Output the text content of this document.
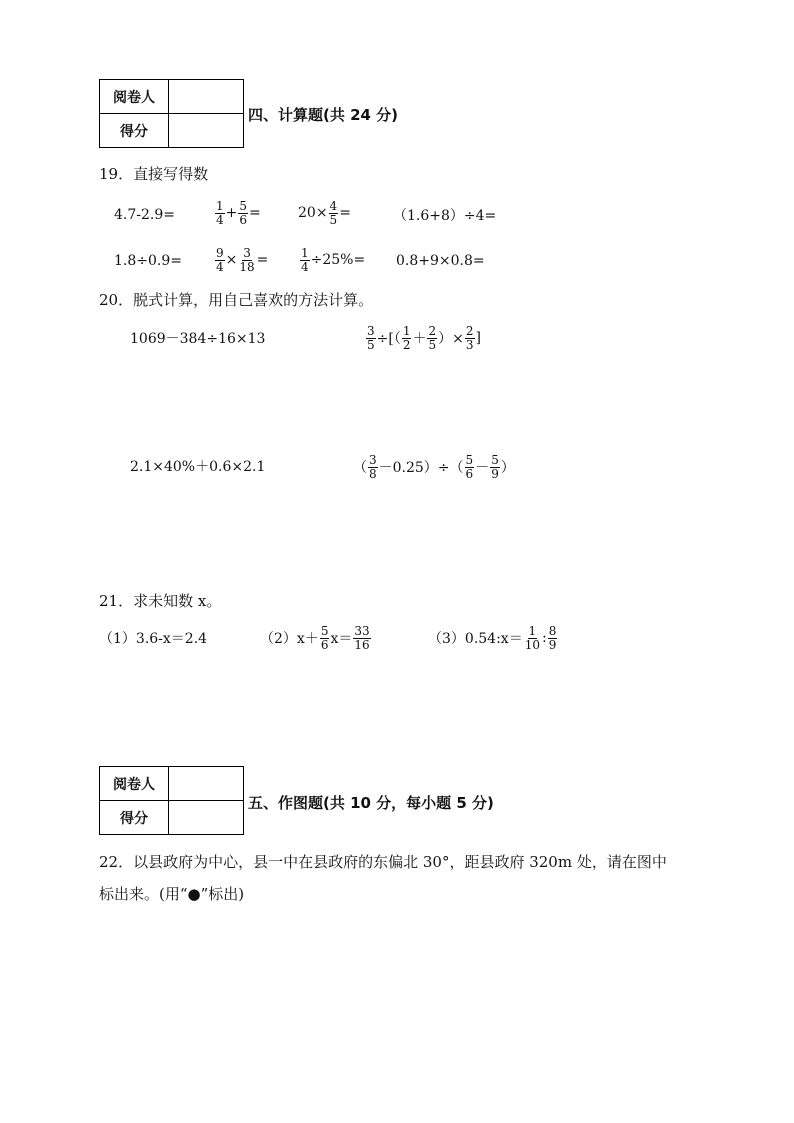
阅卷人	
得分	
四、计算题(共 24 分)
19．直接写得数
4.7-2.9=	$\frac{1}{4} + \frac{5}{6}$ =	$20\times \frac{4}{5}$ =	（1.6+8）÷4=
1.8÷0.9=	$\frac{9}{4} \times \frac{3}{18}$ =	$\frac{1}{4} \div 25\%= 0.8+9\times 0.8=$
20．脱式计算，用自己喜欢的方法计算。
1069－384÷16×13	$\frac{3}{5}$ ÷[（ $\frac{1}{2} + \frac{2}{5}$ ）× $\frac{2}{3}$ ]
2.1×40%＋0.6×2.1	（ $\frac{3}{8} -0.25)\div( \frac{5}{6} - \frac{5}{9}$ ）
21．求未知数 x。
（1）3.6-x＝2.4	$(2)x+ \frac{5}{6} x= \frac{33}{16}$	（3）0.54:x＝ $\frac{1}{10}$ : $\frac{8}{9}$
阅卷人	
得分	
五、作图题(共 10 分，每小题 5 分)
22．以县政府为中心，县一中在县政府的东偏北 30°，距县政府 320m 处，请在图中
标出来。(用“●”标出)
